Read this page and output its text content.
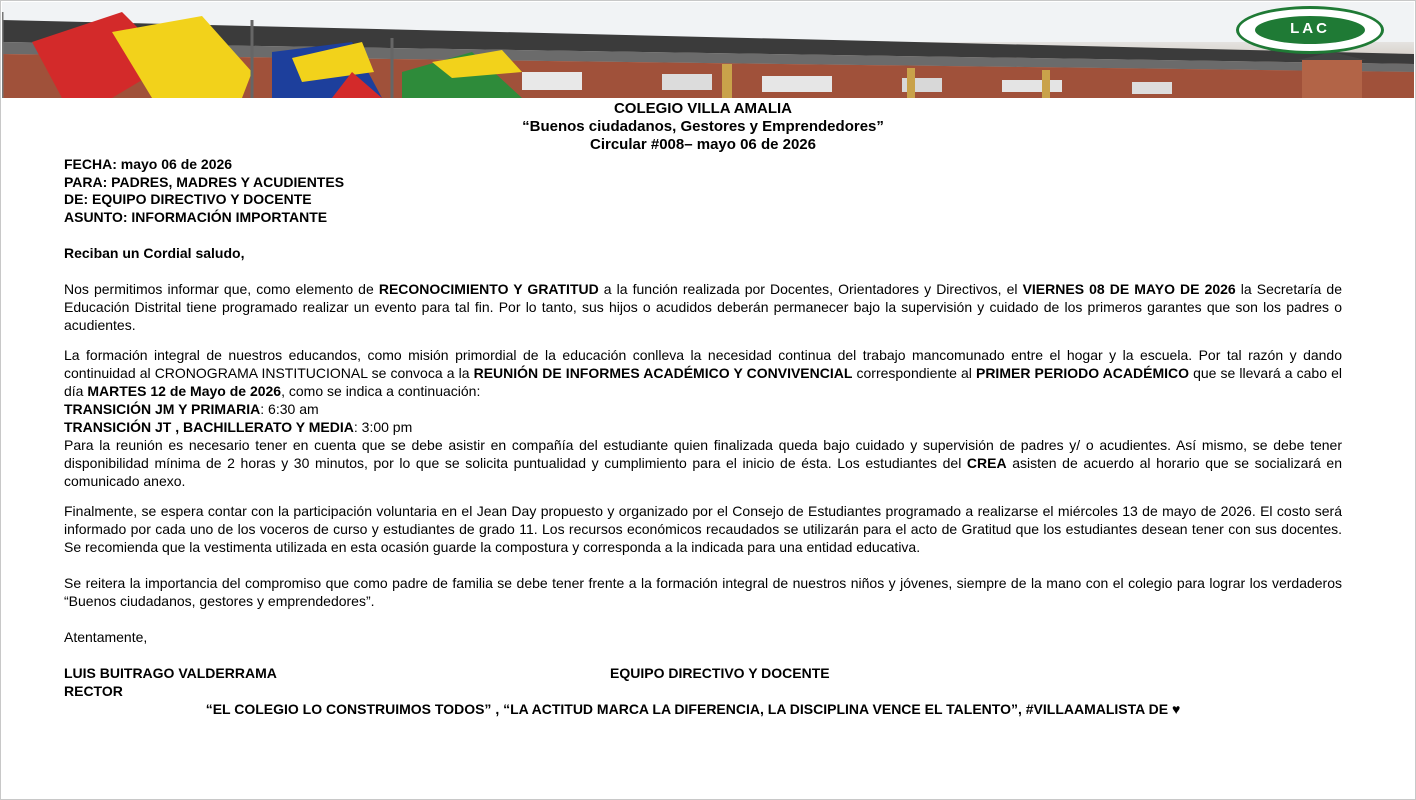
LAC
COLEGIO VILLA AMALIA
“Buenos ciudadanos, Gestores y Emprendedores”
Circular #008– mayo 06 de 2026
FECHA: mayo 06 de 2026
PARA: PADRES, MADRES Y ACUDIENTES
DE: EQUIPO DIRECTIVO Y DOCENTE
ASUNTO: INFORMACIÓN IMPORTANTE

Reciban un Cordial saludo,

Nos permitimos informar que, como elemento de RECONOCIMIENTO Y GRATITUD a la función realizada por Docentes, Orientadores y Directivos, el VIERNES 08 DE MAYO DE 2026 la Secretaría de Educación Distrital tiene programado realizar un evento para tal fin. Por lo tanto, sus hijos o acudidos deberán permanecer bajo la supervisión y cuidado de los primeros garantes que son los padres o acudientes.

La formación integral de nuestros educandos, como misión primordial de la educación conlleva la necesidad continua del trabajo mancomunado entre el hogar y la escuela. Por tal razón y dando continuidad al CRONOGRAMA INSTITUCIONAL se convoca a la REUNIÓN DE INFORMES ACADÉMICO Y CONVIVENCIAL correspondiente al PRIMER PERIODO ACADÉMICO que se llevará a cabo el día MARTES 12 de Mayo de 2026, como se indica a continuación:

TRANSICIÓN JM Y PRIMARIA: 6:30 am

TRANSICIÓN JT , BACHILLERATO Y MEDIA: 3:00 pm

Para la reunión es necesario tener en cuenta que se debe asistir en compañía del estudiante quien finalizada queda bajo cuidado y supervisión de padres y/ o acudientes. Así mismo, se debe tener disponibilidad mínima de 2 horas y 30 minutos, por lo que se solicita puntualidad y cumplimiento para el inicio de ésta. Los estudiantes del CREA asisten de acuerdo al horario que se socializará en comunicado anexo.

Finalmente, se espera contar con la participación voluntaria en el Jean Day propuesto y organizado por el Consejo de Estudiantes programado a realizarse el miércoles 13 de mayo de 2026. El costo será informado por cada uno de los voceros de curso y estudiantes de grado 11. Los recursos económicos recaudados se utilizarán para el acto de Gratitud que los estudiantes desean tener con sus docentes. Se recomienda que la vestimenta utilizada en esta ocasión guarde la compostura y corresponda a la indicada para una entidad educativa.

Se reitera la importancia del compromiso que como padre de familia se debe tener frente a la formación integral de nuestros niños y jóvenes, siempre de la mano con el colegio para lograr los verdaderos “Buenos ciudadanos, gestores y emprendedores”.

Atentamente,

LUIS BUITRAGO VALDERRAMA
RECTOR
EQUIPO DIRECTIVO Y DOCENTE
“EL COLEGIO LO CONSTRUIMOS TODOS” , “LA ACTITUD MARCA LA DIFERENCIA, LA DISCIPLINA VENCE EL TALENTO”, #VILLAAMALISTA DE ♥
